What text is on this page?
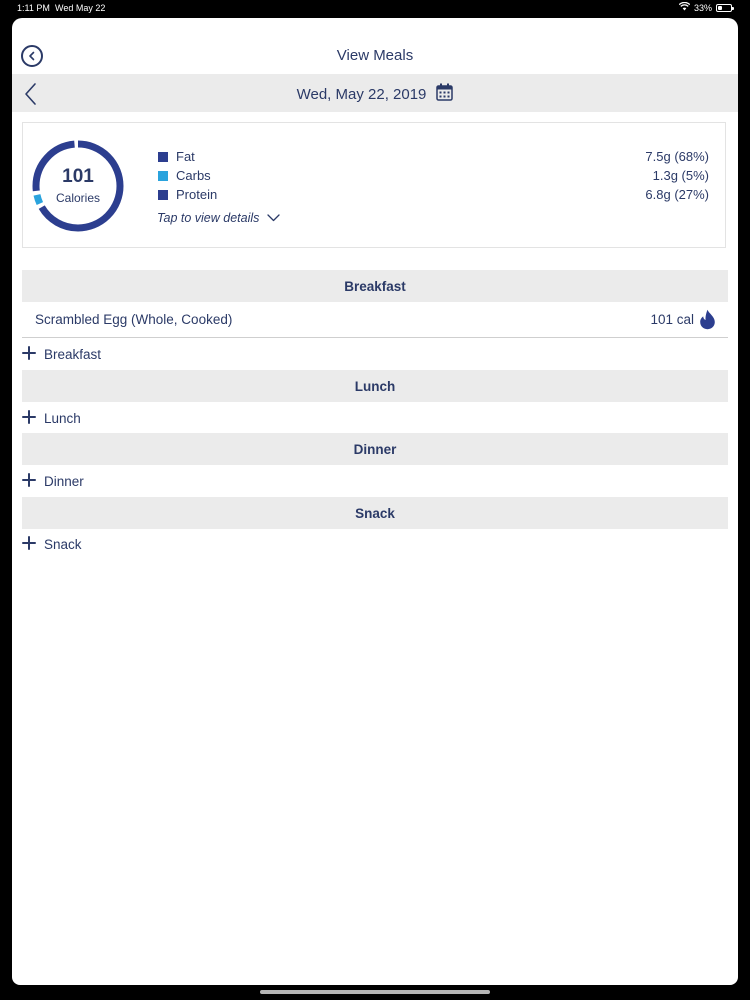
1:11 PM Wed May 22	33%
View Meals
Wed, May 22, 2019
101
Calories
Fat	7.5g (68%)
Carbs	1.3g (5%)
Protein	6.8g (27%)
Tap to view details
Breakfast
Scrambled Egg (Whole, Cooked)	101 cal
Breakfast
Lunch
Lunch
Dinner
Dinner
Snack
Snack
